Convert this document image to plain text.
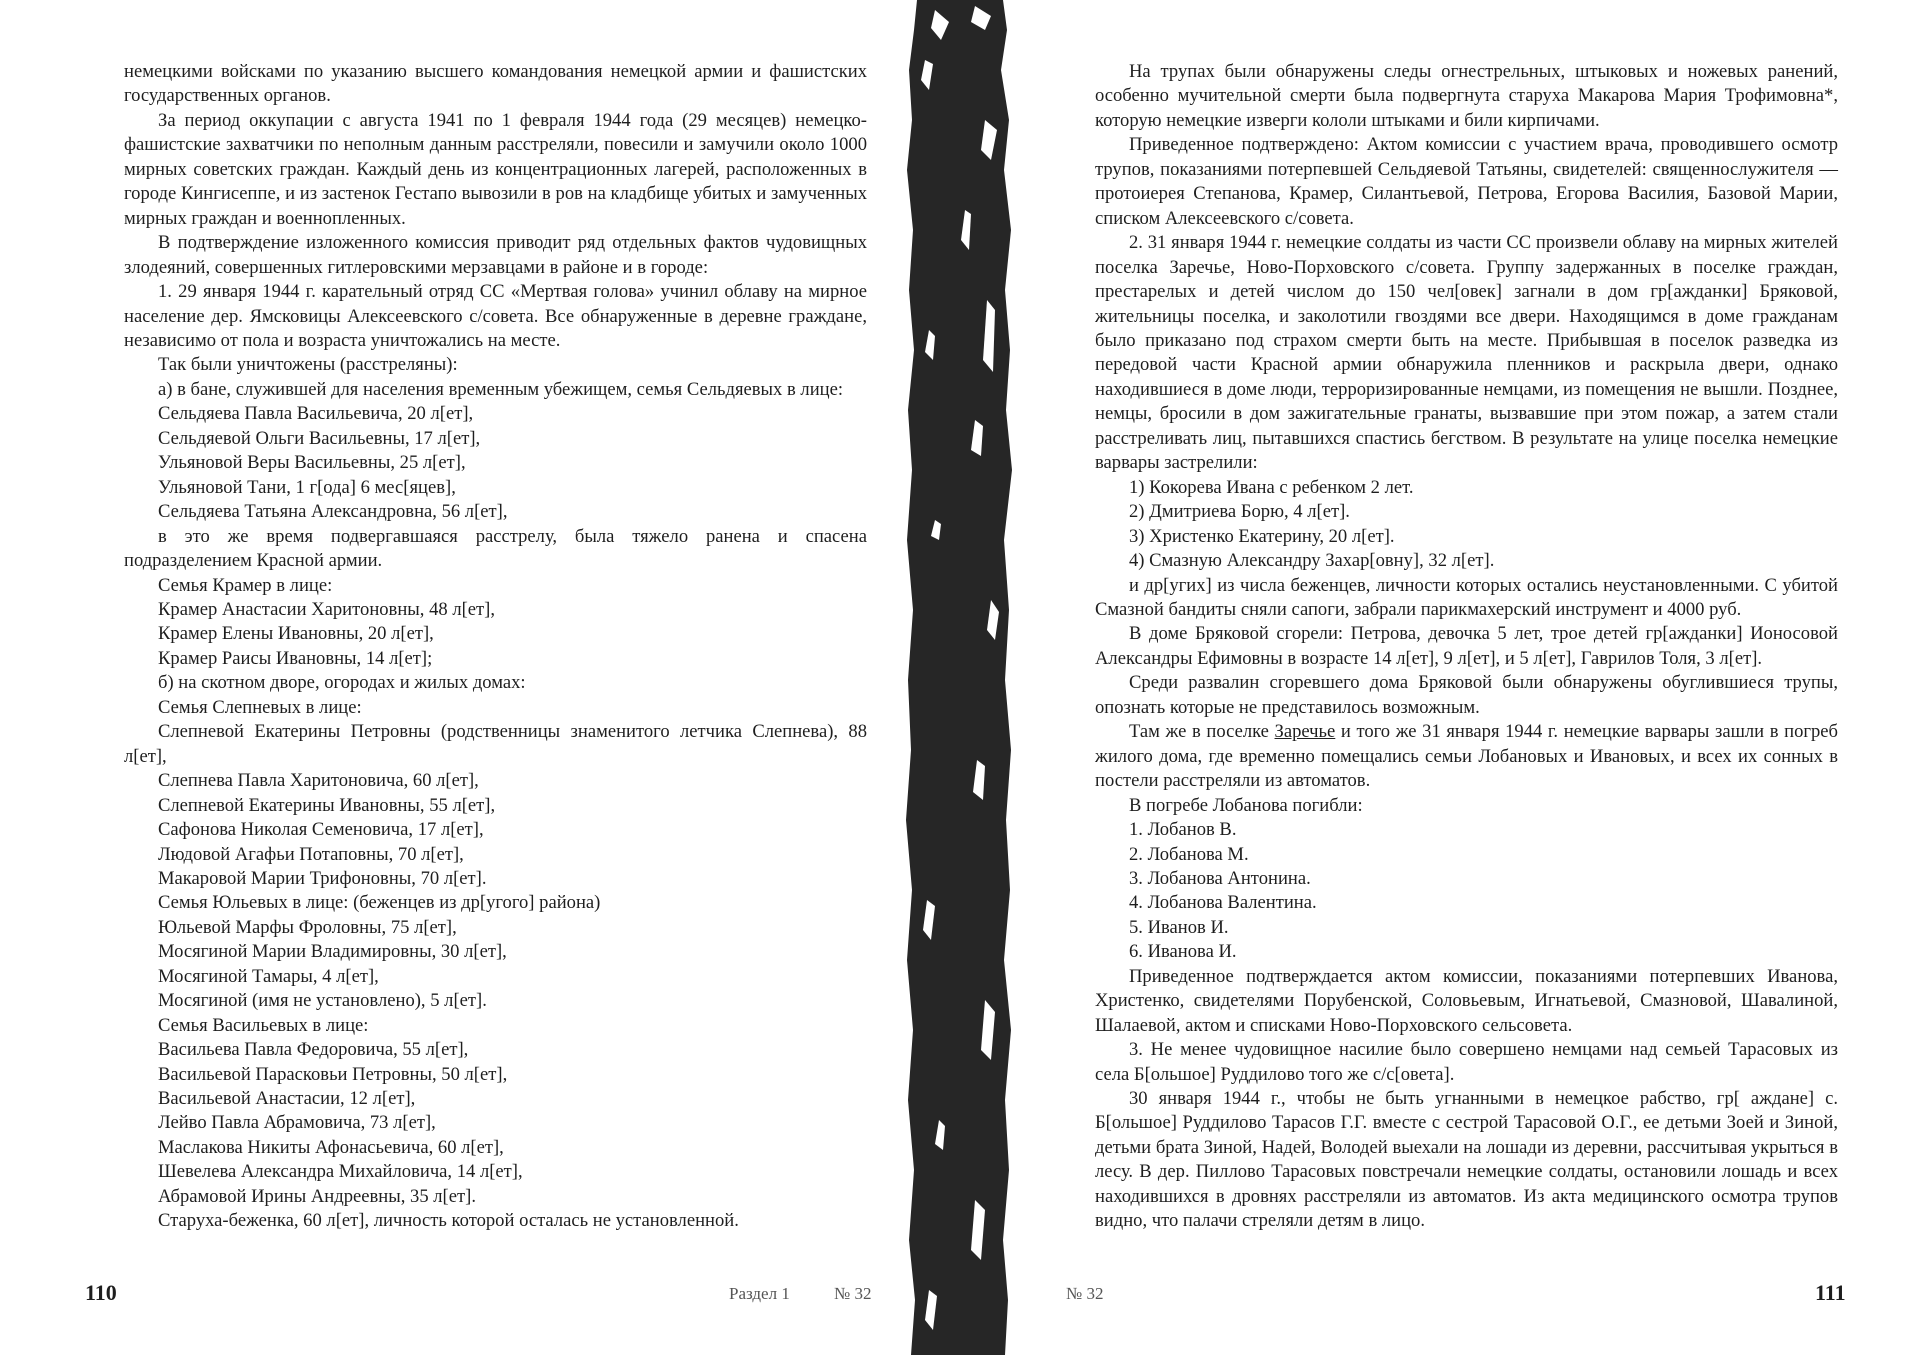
немецкими войсками по указанию высшего командования немецкой армии и фашистских государственных органов.

За период оккупации с августа 1941 по 1 февраля 1944 года (29 месяцев) немецко-фашистские захватчики по неполным данным расстреляли, повесили и замучили около 1000 мирных советских граждан. Каждый день из концентрационных лагерей, расположенных в городе Кингисеппе, и из застенок Гестапо вывозили в ров на кладбище убитых и замученных мирных граждан и военнопленных.

В подтверждение изложенного комиссия приводит ряд отдельных фактов чудовищных злодеяний, совершенных гитлеровскими мерзавцами в районе и в городе:

1. 29 января 1944 г. карательный отряд СС «Мертвая голова» учинил облаву на мирное население дер. Ямсковицы Алексеевского с/совета. Все обнаруженные в деревне граждане, независимо от пола и возраста уничтожались на месте.

Так были уничтожены (расстреляны):

а) в бане, служившей для населения временным убежищем, семья Сельдяевых в лице:

Сельдяева Павла Васильевича, 20 л[ет],

Сельдяевой Ольги Васильевны, 17 л[ет],

Ульяновой Веры Васильевны, 25 л[ет],

Ульяновой Тани, 1 г[ода] 6 мес[яцев],

Сельдяева Татьяна Александровна, 56 л[ет],

в это же время подвергавшаяся расстрелу, была тяжело ранена и спасена подразделением Красной армии.

Семья Крамер в лице:

Крамер Анастасии Харитоновны, 48 л[ет],

Крамер Елены Ивановны, 20 л[ет],

Крамер Раисы Ивановны, 14 л[ет];

б) на скотном дворе, огородах и жилых домах:

Семья Слепневых в лице:

Слепневой Екатерины Петровны (родственницы знаменитого летчика Слепнева), 88 л[ет],

Слепнева Павла Харитоновича, 60 л[ет],

Слепневой Екатерины Ивановны, 55 л[ет],

Сафонова Николая Семеновича, 17 л[ет],

Людовой Агафьи Потаповны, 70 л[ет],

Макаровой Марии Трифоновны, 70 л[ет].

Семья Юльевых в лице: (беженцев из др[угого] района)

Юльевой Марфы Фроловны, 75 л[ет],

Мосягиной Марии Владимировны, 30 л[ет],

Мосягиной Тамары, 4 л[ет],

Мосягиной (имя не установлено), 5 л[ет].

Семья Васильевых в лице:

Васильева Павла Федоровича, 55 л[ет],

Васильевой Парасковьи Петровны, 50 л[ет],

Васильевой Анастасии, 12 л[ет],

Лейво Павла Абрамовича, 73 л[ет],

Маслакова Никиты Афонасьевича, 60 л[ет],

Шевелева Александра Михайловича, 14 л[ет],

Абрамовой Ирины Андреевны, 35 л[ет].

Старуха-беженка, 60 л[ет], личность которой осталась не установленной.

На трупах были обнаружены следы огнестрельных, штыковых и ножевых ранений, особенно мучительной смерти была подвергнута старуха Макарова Мария Трофимовна*, которую немецкие изверги кололи штыками и били кирпичами.

Приведенное подтверждено: Актом комиссии с участием врача, проводившего осмотр трупов, показаниями потерпевшей Сельдяевой Татьяны, свидетелей: священнослужителя — протоиерея Степанова, Крамер, Силантьевой, Петрова, Егорова Василия, Базовой Марии, списком Алексеевского с/совета.

2. 31 января 1944 г. немецкие солдаты из части СС произвели облаву на мирных жителей поселка Заречье, Ново-Порховского с/совета. Группу задержанных в поселке граждан, престарелых и детей числом до 150 чел[овек] загнали в дом гр[ажданки] Бряковой, жительницы поселка, и заколотили гвоздями все двери. Находящимся в доме гражданам было приказано под страхом смерти быть на месте. Прибывшая в поселок разведка из передовой части Красной армии обнаружила пленников и раскрыла двери, однако находившиеся в доме люди, терроризированные немцами, из помещения не вышли. Позднее, немцы, бросили в дом зажигательные гранаты, вызвавшие при этом пожар, а затем стали расстреливать лиц, пытавшихся спастись бегством. В результате на улице поселка немецкие варвары застрелили:

1) Кокорева Ивана с ребенком 2 лет.

2) Дмитриева Борю, 4 л[ет].

3) Христенко Екатерину, 20 л[ет].

4) Смазную Александру Захар[овну], 32 л[ет].

и др[угих] из числа беженцев, личности которых остались неустановленными. С убитой Смазной бандиты сняли сапоги, забрали парикмахерский инструмент и 4000 руб.

В доме Бряковой сгорели: Петрова, девочка 5 лет, трое детей гр[ажданки] Ионосовой Александры Ефимовны в возрасте 14 л[ет], 9 л[ет], и 5 л[ет], Гаврилов Толя, 3 л[ет].

Среди развалин сгоревшего дома Бряковой были обнаружены обуглившиеся трупы, опознать которые не представилось возможным.

Там же в поселке Заречье и того же 31 января 1944 г. немецкие варвары зашли в погреб жилого дома, где временно помещались семьи Лобановых и Ивановых, и всех их сонных в постели расстреляли из автоматов.

В погребе Лобанова погибли:

1. Лобанов В.

2. Лобанова М.

3. Лобанова Антонина.

4. Лобанова Валентина.

5. Иванов И.

6. Иванова И.

Приведенное подтверждается актом комиссии, показаниями потерпевших Иванова, Христенко, свидетелями Порубенской, Соловьевым, Игнатьевой, Смазновой, Шавалиной, Шалаевой, актом и списками Ново-Порховского сельсовета.

3. Не менее чудовищное насилие было совершено немцами над семьей Тарасовых из села Б[ольшое] Руддилово того же с/с[овета].

30 января 1944 г., чтобы не быть угнанными в немецкое рабство, гр[ аждане] с. Б[ольшое] Руддилово Тарасов Г.Г. вместе с сестрой Тарасовой О.Г., ее детьми Зоей и Зиной, детьми брата Зиной, Надей, Володей выехали на лошади из деревни, рассчитывая укрыться в лесу. В дер. Пиллово Тарасовых повстречали немецкие солдаты, остановили лошадь и всех находившихся в дровнях расстреляли из автоматов. Из акта медицинского осмотра трупов видно, что палачи стреляли детям в лицо.

110	Раздел 1	№ 32	№ 32	111
